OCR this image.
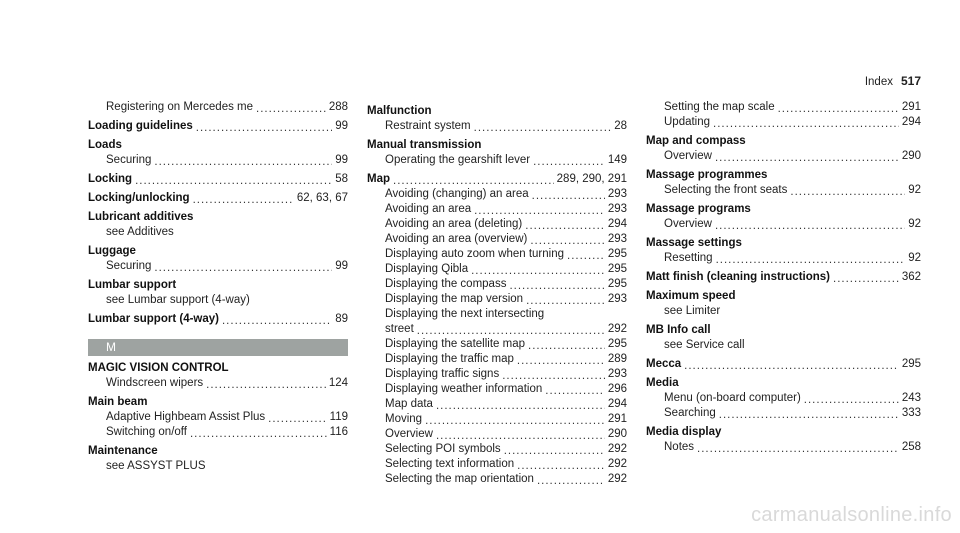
Index 517
Registering on Mercedes me .....	288
Loading guidelines .....	99
Loads
Securing .....	99
Locking .....	58
Locking/unlocking .....	62, 63, 67
Lubricant additives
see Additives
Luggage
Securing .....	99
Lumbar support
see Lumbar support (4-way)
Lumbar support (4-way) .....	89
M
MAGIC VISION CONTROL
Windscreen wipers .....	124
Main beam
Adaptive Highbeam Assist Plus .....	119
Switching on/off .....	116
Maintenance
see ASSYST PLUS
Malfunction
Restraint system .....	28
Manual transmission
Operating the gearshift lever .....	149
Map .....	289, 290, 291
Avoiding (changing) an area .....	293
Avoiding an area .....	293
Avoiding an area (deleting) .....	294
Avoiding an area (overview) .....	293
Displaying auto zoom when turning .....	295
Displaying Qibla .....	295
Displaying the compass .....	295
Displaying the map version .....	293
Displaying the next intersecting
street .....	292
Displaying the satellite map .....	295
Displaying the traffic map .....	289
Displaying traffic signs .....	293
Displaying weather information .....	296
Map data .....	294
Moving .....	291
Overview .....	290
Selecting POI symbols .....	292
Selecting text information .....	292
Selecting the map orientation .....	292
Setting the map scale .....	291
Updating .....	294
Map and compass
Overview .....	290
Massage programmes
Selecting the front seats .....	92
Massage programs
Overview .....	92
Massage settings
Resetting .....	92
Matt finish (cleaning instructions) .....	362
Maximum speed
see Limiter
MB Info call
see Service call
Mecca .....	295
Media
Menu (on-board computer) .....	243
Searching .....	333
Media display
Notes .....	258
carmanualsonline.info
